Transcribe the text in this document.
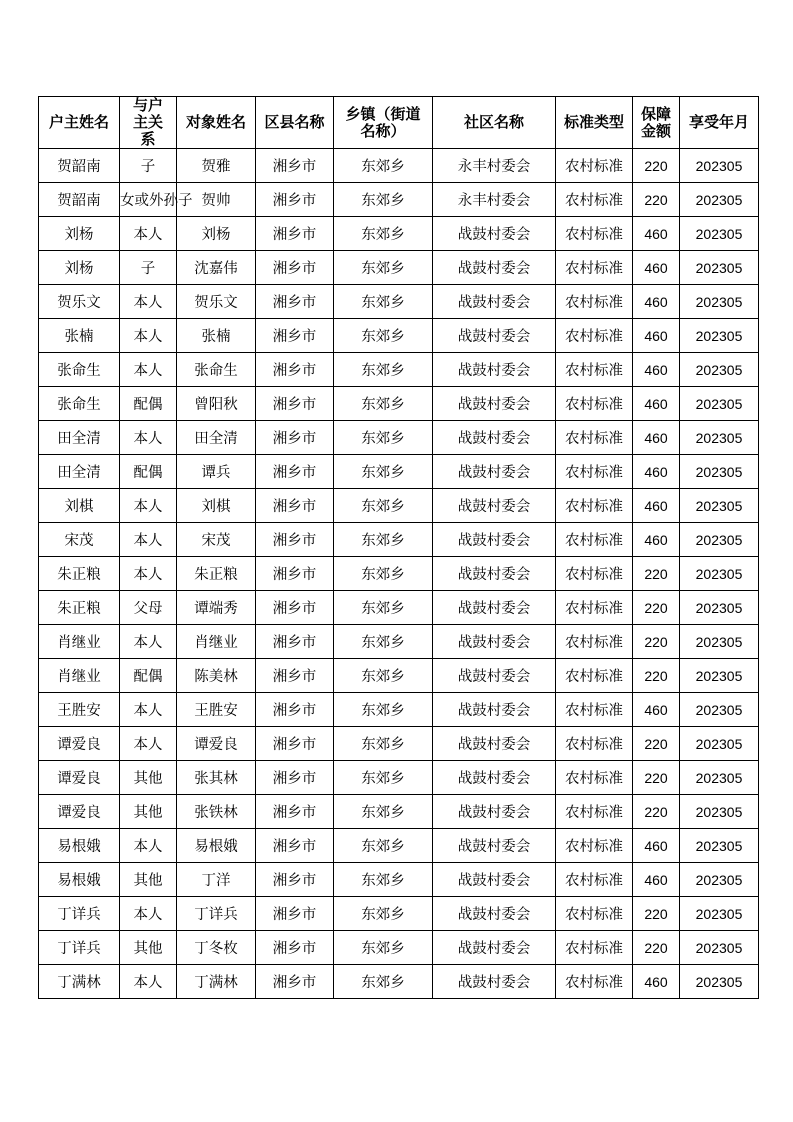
户主姓名	与户主关系	对象姓名	区县名称	乡镇（街道名称）	社区名称	标准类型	保障金额	享受年月
贺韶南	子	贺雅	湘乡市	东郊乡	永丰村委会	农村标准	220	202305
贺韶南	女或外孙子	贺帅	湘乡市	东郊乡	永丰村委会	农村标准	220	202305
刘杨	本人	刘杨	湘乡市	东郊乡	战鼓村委会	农村标准	460	202305
刘杨	子	沈嘉伟	湘乡市	东郊乡	战鼓村委会	农村标准	460	202305
贺乐文	本人	贺乐文	湘乡市	东郊乡	战鼓村委会	农村标准	460	202305
张楠	本人	张楠	湘乡市	东郊乡	战鼓村委会	农村标准	460	202305
张命生	本人	张命生	湘乡市	东郊乡	战鼓村委会	农村标准	460	202305
张命生	配偶	曾阳秋	湘乡市	东郊乡	战鼓村委会	农村标准	460	202305
田全清	本人	田全清	湘乡市	东郊乡	战鼓村委会	农村标准	460	202305
田全清	配偶	谭兵	湘乡市	东郊乡	战鼓村委会	农村标准	460	202305
刘棋	本人	刘棋	湘乡市	东郊乡	战鼓村委会	农村标准	460	202305
宋茂	本人	宋茂	湘乡市	东郊乡	战鼓村委会	农村标准	460	202305
朱正粮	本人	朱正粮	湘乡市	东郊乡	战鼓村委会	农村标准	220	202305
朱正粮	父母	谭端秀	湘乡市	东郊乡	战鼓村委会	农村标准	220	202305
肖继业	本人	肖继业	湘乡市	东郊乡	战鼓村委会	农村标准	220	202305
肖继业	配偶	陈美林	湘乡市	东郊乡	战鼓村委会	农村标准	220	202305
王胜安	本人	王胜安	湘乡市	东郊乡	战鼓村委会	农村标准	460	202305
谭爱良	本人	谭爱良	湘乡市	东郊乡	战鼓村委会	农村标准	220	202305
谭爱良	其他	张其林	湘乡市	东郊乡	战鼓村委会	农村标准	220	202305
谭爱良	其他	张铁林	湘乡市	东郊乡	战鼓村委会	农村标准	220	202305
易根娥	本人	易根娥	湘乡市	东郊乡	战鼓村委会	农村标准	460	202305
易根娥	其他	丁洋	湘乡市	东郊乡	战鼓村委会	农村标准	460	202305
丁详兵	本人	丁详兵	湘乡市	东郊乡	战鼓村委会	农村标准	220	202305
丁详兵	其他	丁冬枚	湘乡市	东郊乡	战鼓村委会	农村标准	220	202305
丁满林	本人	丁满林	湘乡市	东郊乡	战鼓村委会	农村标准	460	202305
